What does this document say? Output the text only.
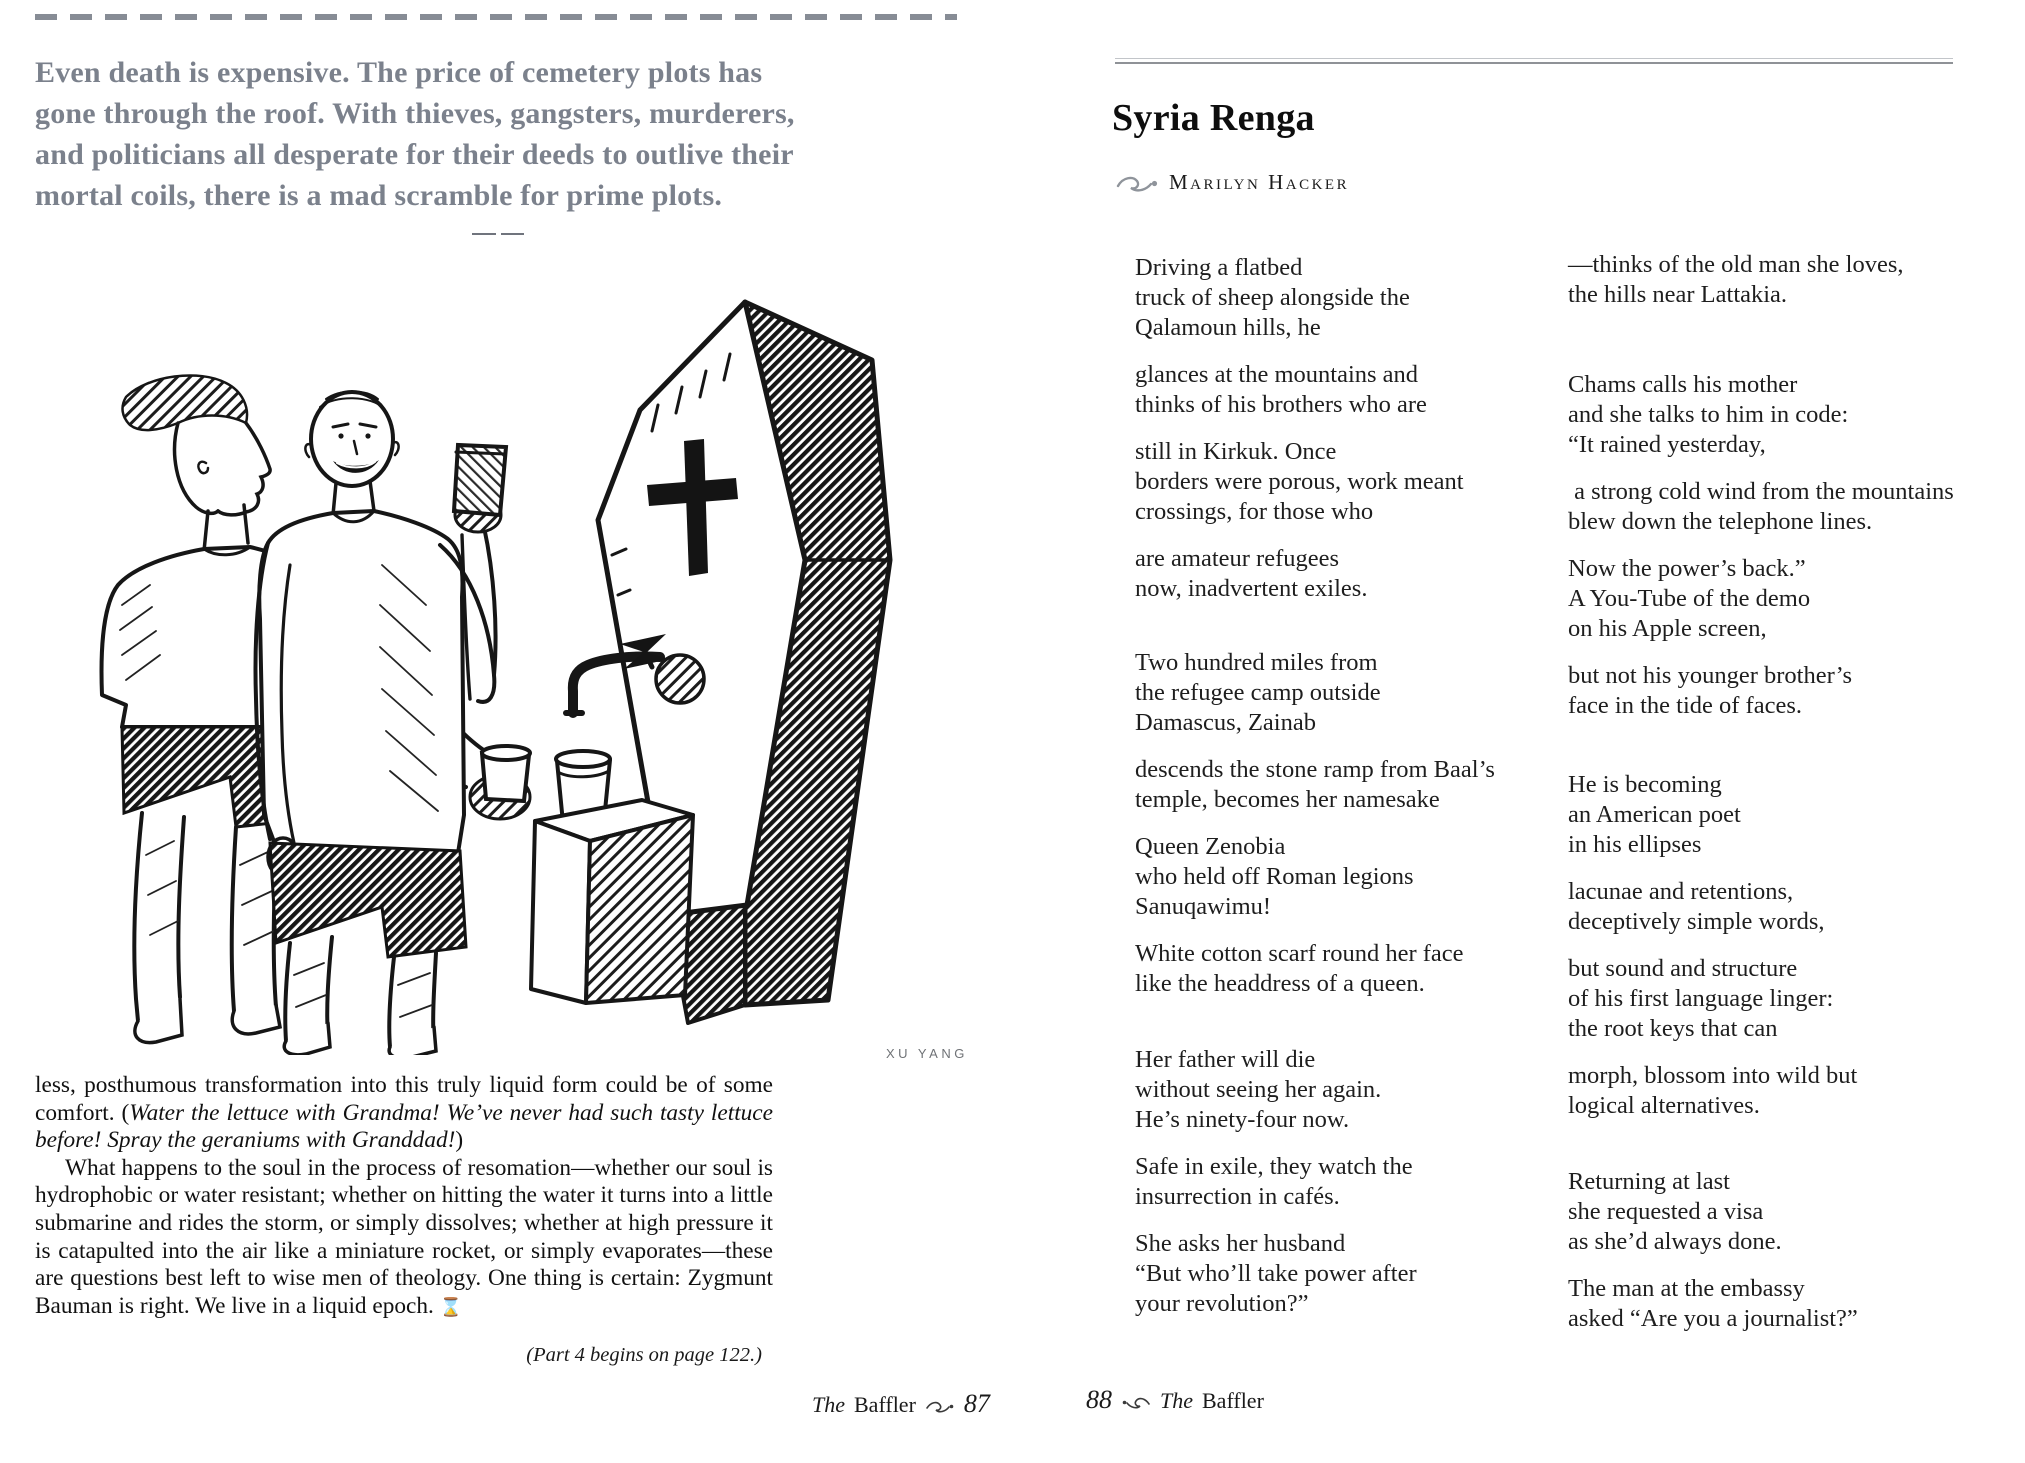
Even death is expensive. The price of cemetery plots has
gone through the roof. With thieves, gangsters, murderers,
and politicians all desperate for their deeds to outlive their
mortal coils, there is a mad scramble for prime plots.
XU YANG

less, posthumous transformation into this truly liquid form could be of some comfort. (Water the lettuce with Grandma! We’ve never had such tasty lettuce before! Spray the geraniums with Granddad!)

What happens to the soul in the process of resomation—whether our soul is hydrophobic or water resistant; whether on hitting the water it turns into a little submarine and rides the storm, or simply dissolves; whether at high pressure it is catapulted into the air like a miniature rocket, or simply evaporates—these are questions best left to wise men of theology. One thing is certain: Zygmunt Bauman is right. We live in a liquid epoch. ⌛

(Part 4 begins on page 122.)
The Baffler 87
Syria Renga
Marilyn Hacker
Driving a flatbed
truck of sheep alongside the
Qalamoun hills, he
glances at the mountains and
thinks of his brothers who are
still in Kirkuk. Once
borders were porous, work meant
crossings, for those who
are amateur refugees
now, inadvertent exiles.
Two hundred miles from
the refugee camp outside
Damascus, Zainab
descends the stone ramp from Baal’s
temple, becomes her namesake
Queen Zenobia
who held off Roman legions
Sanuqawimu!
White cotton scarf round her face
like the headdress of a queen.
Her father will die
without seeing her again.
He’s ninety-four now.
Safe in exile, they watch the
insurrection in cafés.
She asks her husband
“But who’ll take power after
your revolution?”
—thinks of the old man she loves,
the hills near Lattakia.
Chams calls his mother
and she talks to him in code:
“It rained yesterday,
a strong cold wind from the mountains
blew down the telephone lines.
Now the power’s back.”
A You-Tube of the demo
on his Apple screen,
but not his younger brother’s
face in the tide of faces.
He is becoming
an American poet
in his ellipses
lacunae and retentions,
deceptively simple words,
but sound and structure
of his first language linger:
the root keys that can
morph, blossom into wild but
logical alternatives.
Returning at last
she requested a visa
as she’d always done.
The man at the embassy
asked “Are you a journalist?”
88 The Baffler
